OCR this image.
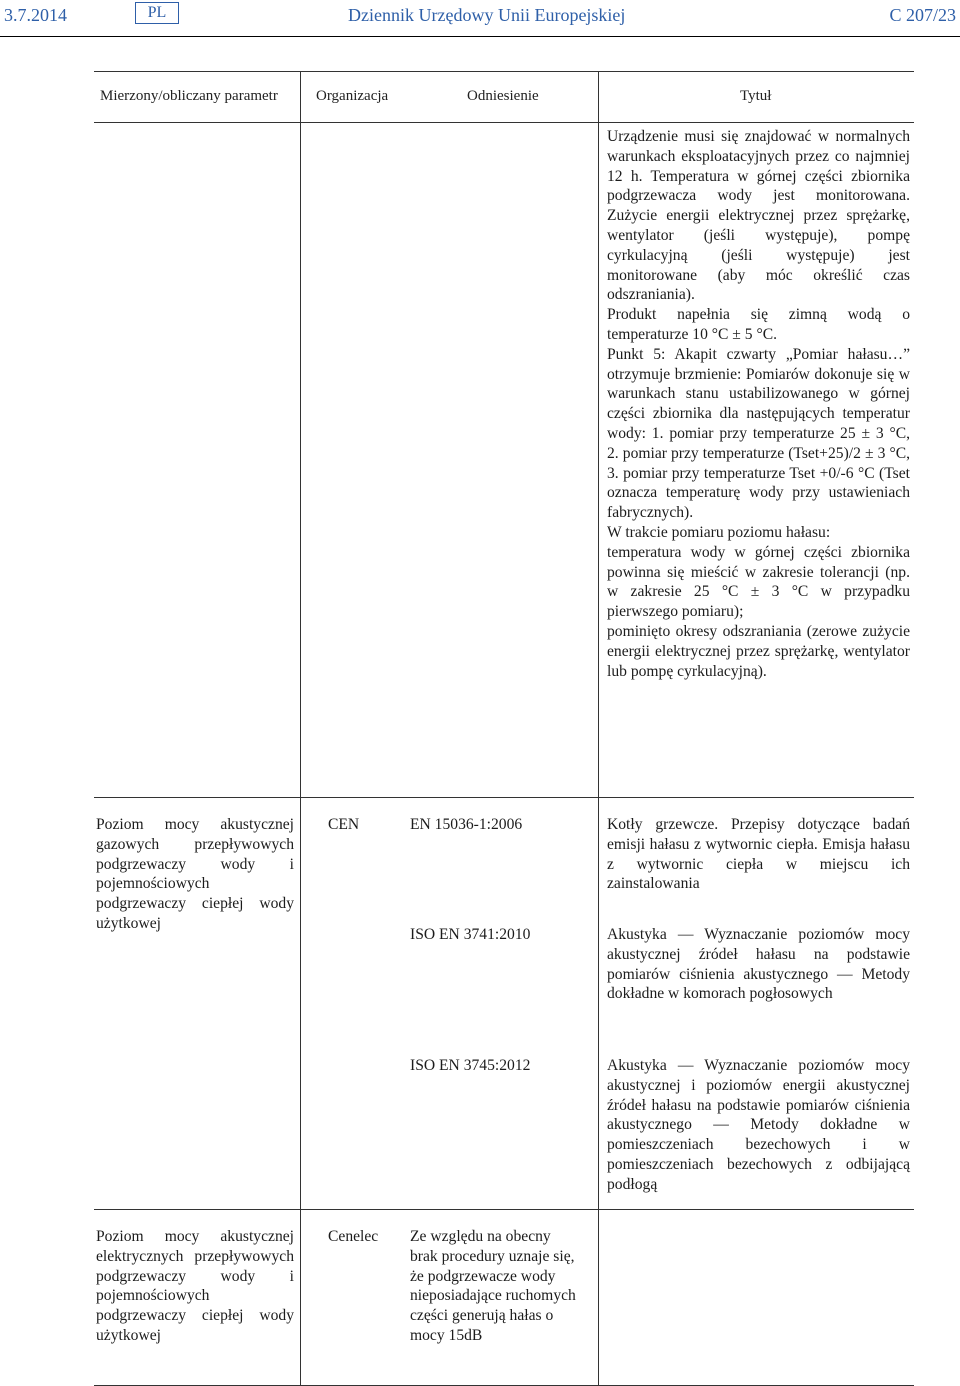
3.7.2014	PL	Dziennik Urzędowy Unii Europejskiej	C 207/23
Mierzony/obliczany parametr	Organizacja	Odniesienie	Tytuł

Urządzenie musi się znajdować w normalnych warunkach eksploatacyjnych przez co najmniej 12 h. Temperatura w górnej części zbiornika podgrzewacza wody jest monitorowana. Zużycie energii elektrycznej przez sprężarkę, wentylator (jeśli występuje), pompę cyrkulacyjną (jeśli występuje) jest monitorowane (aby móc określić czas odszraniania).

Produkt napełnia się zimną wodą o temperaturze 10 °C ± 5 °C.

Punkt 5: Akapit czwarty „Pomiar hałasu…” otrzymuje brzmienie: Pomiarów dokonuje się w warunkach stanu ustabilizowanego w górnej części zbiornika dla następujących temperatur wody: 1. pomiar przy temperaturze 25 ± 3 °C, 2. pomiar przy temperaturze (Tset+25)/2 ± 3 °C, 3. pomiar przy temperaturze Tset +0/-6 °C (Tset oznacza temperaturę wody przy ustawieniach fabrycznych).

W trakcie pomiaru poziomu hałasu:

temperatura wody w górnej części zbiornika powinna się mieścić w zakresie tolerancji (np. w zakresie 25 °C ± 3 °C w przypadku pierwszego pomiaru);

pominięto okresy odszraniania (zerowe zużycie energii elektrycznej przez sprężarkę, wentylator lub pompę cyrkulacyjną).

Poziom mocy akustycznej gazowych przepływowych podgrzewaczy wody i pojemnościowych podgrzewaczy ciepłej wody użytkowej
CEN	EN 15036-1:2006	Kotły grzewcze. Przepisy dotyczące badań emisji hałasu z wytwornic ciepła. Emisja hałasu z wytwornic ciepła w miejscu ich zainstalowania
ISO EN 3741:2010	Akustyka — Wyznaczanie poziomów mocy akustycznej źródeł hałasu na podstawie pomiarów ciśnienia akustycznego — Metody dokładne w komorach pogłosowych
ISO EN 3745:2012	Akustyka — Wyznaczanie poziomów mocy akustycznej i poziomów energii akustycznej źródeł hałasu na podstawie pomiarów ciśnienia akustycznego — Metody dokładne w pomieszczeniach bezechowych i w pomieszczeniach bezechowych z odbijającą podłogą
Poziom mocy akustycznej elektrycznych przepływowych podgrzewaczy wody i pojemnościowych podgrzewaczy ciepłej wody użytkowej
Cenelec	Ze względu na obecny brak procedury uznaje się, że podgrzewacze wody nieposiadające ruchomych części generują hałas o mocy 15dB
